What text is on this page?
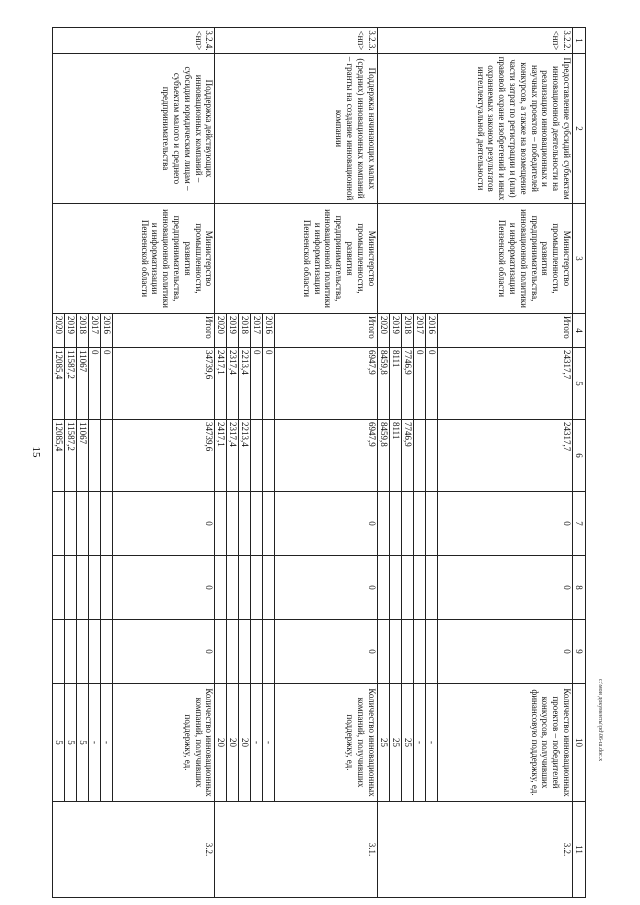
15
c:\мои документы\pd\06-ш.doc.x
1	2	3	4	5	6	7	8	9	10	11
3.2.2. <нп>	Предоставление субсидий субъектам инновационной деятельности на реализацию инновационных и научных проектов – победителей конкурсов, а также на возмещение части затрат по регистрации и (или) правовой охране изобретений и иных охраняемых законом результатов интеллектуальной деятельности	Министерство промышленности, развития предпринимательства, инновационной политики и информатизации Пензенской области	Итого	24317,7	24317,7	0	0	0	Количество инновационных проектов – победителей конкурсов, получивших финансовую поддержку, ед.	3.2.
			2016	0					-	
			2017	0					-	
			2018	7746,9	7746,9				25	
			2019	8111	8111				25	
			2020	8459,8	8459,8				25	
3.2.3. <нп>	Поддержка начинающих малых (средних) инновационных компаний – гранты на создание инновационной компании	Министерство промышленности, развития предпринимательства, инновационной политики и информатизации Пензенской области	Итого	6947,9	6947,9	0	0	0	Количество инновационных компаний, получивших поддержку, ед.	3.1.
			2016	0					-	
			2017	0					-	
			2018	2213,4	2213,4				20	
			2019	2317,4	2317,4				20	
			2020	2417,1	2417,1				20	
3.2.4. <нп>	Поддержка действующих инновационных компаний – субсидии юридическим лицам – субъектам малого и среднего предпринимательства	Министерство промышленности, развития предпринимательства, инновационной политики и информатизации Пензенской области	Итого	34739,6	34739,6	0	0	0	Количество инновационных компаний, получивших поддержку, ед.	3.2.
			2016	0					-	
			2017	0					-	
			2018	11067	11067				5	
			2019	11587,2	11587,2				5	
			2020	12085,4	12085,4				5	
